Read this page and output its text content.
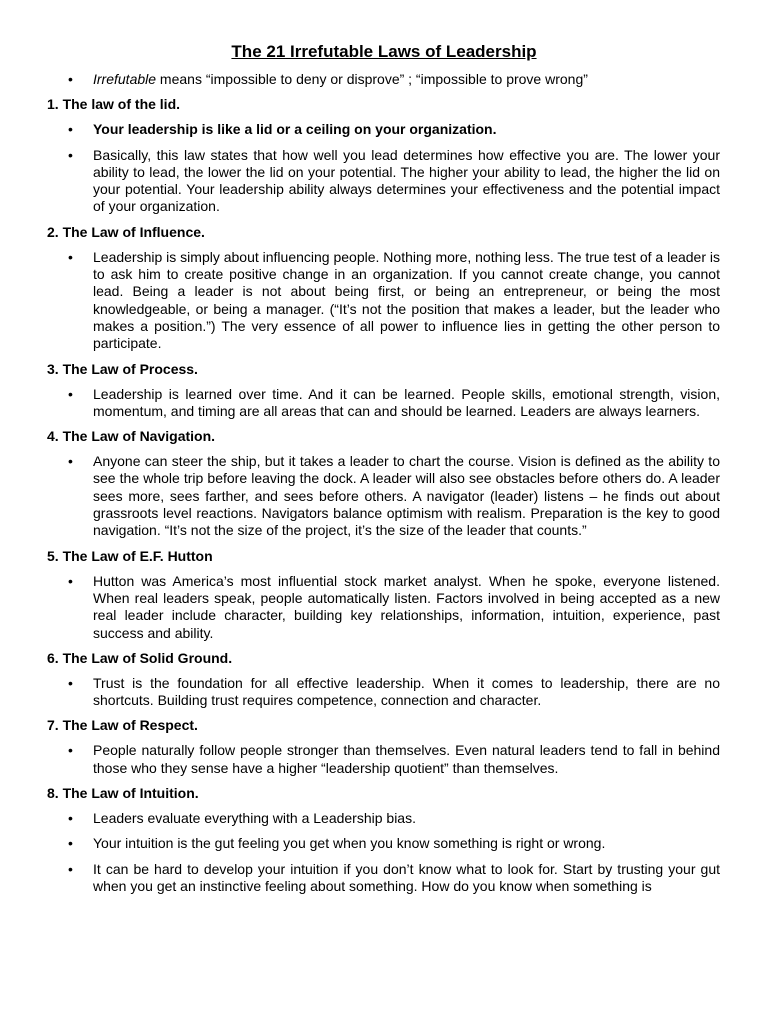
The 21 Irrefutable Laws of Leadership
• Irrefutable means “impossible to deny or disprove” ; “impossible to prove wrong”
1. The law of the lid.
• Your leadership is like a lid or a ceiling on your organization.
• Basically, this law states that how well you lead determines how effective you are. The lower your ability to lead, the lower the lid on your potential. The higher your ability to lead, the higher the lid on your potential. Your leadership ability always determines your effectiveness and the potential impact of your organization.
2. The Law of Influence.
• Leadership is simply about influencing people. Nothing more, nothing less. The true test of a leader is to ask him to create positive change in an organization. If you cannot create change, you cannot lead. Being a leader is not about being first, or being an entrepreneur, or being the most knowledgeable, or being a manager. (“It’s not the position that makes a leader, but the leader who makes a position.”) The very essence of all power to influence lies in getting the other person to participate.
3. The Law of Process.
• Leadership is learned over time. And it can be learned. People skills, emotional strength, vision, momentum, and timing are all areas that can and should be learned. Leaders are always learners.
4. The Law of Navigation.
• Anyone can steer the ship, but it takes a leader to chart the course. Vision is defined as the ability to see the whole trip before leaving the dock. A leader will also see obstacles before others do. A leader sees more, sees farther, and sees before others. A navigator (leader) listens – he finds out about grassroots level reactions. Navigators balance optimism with realism. Preparation is the key to good navigation. “It’s not the size of the project, it’s the size of the leader that counts.”
5. The Law of E.F. Hutton
• Hutton was America’s most influential stock market analyst. When he spoke, everyone listened. When real leaders speak, people automatically listen. Factors involved in being accepted as a new real leader include character, building key relationships, information, intuition, experience, past success and ability.
6. The Law of Solid Ground.
• Trust is the foundation for all effective leadership. When it comes to leadership, there are no shortcuts. Building trust requires competence, connection and character.
7. The Law of Respect.
• People naturally follow people stronger than themselves. Even natural leaders tend to fall in behind those who they sense have a higher “leadership quotient” than themselves.
8. The Law of Intuition.
• Leaders evaluate everything with a Leadership bias.
• Your intuition is the gut feeling you get when you know something is right or wrong.
• It can be hard to develop your intuition if you don’t know what to look for. Start by trusting your gut when you get an instinctive feeling about something. How do you know when something is
